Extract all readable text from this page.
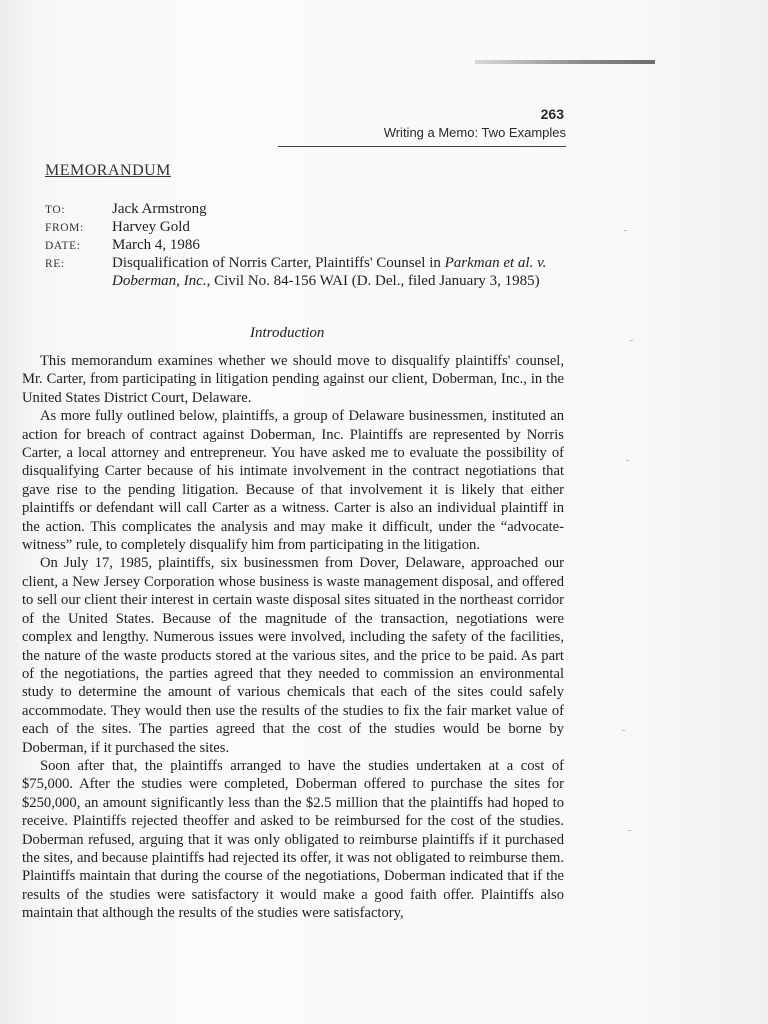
263
Writing a Memo: Two Examples
MEMORANDUM
TO:	Jack Armstrong
FROM:	Harvey Gold
DATE:	March 4, 1986
RE:	Disqualification of Norris Carter, Plaintiffs' Counsel in Parkman et al. v. Doberman, Inc., Civil No. 84-156 WAI (D. Del., filed January 3, 1985)
Introduction

This memorandum examines whether we should move to disqualify plaintiffs' counsel, Mr. Carter, from participating in litigation pending against our client, Doberman, Inc., in the United States District Court, Delaware.

As more fully outlined below, plaintiffs, a group of Delaware businessmen, instituted an action for breach of contract against Doberman, Inc. Plaintiffs are represented by Norris Carter, a local attorney and entrepreneur. You have asked me to evaluate the possibility of disqualifying Carter because of his intimate involvement in the contract negotiations that gave rise to the pending litigation. Because of that involvement it is likely that either plaintiffs or defendant will call Carter as a witness. Carter is also an individual plaintiff in the action. This complicates the analysis and may make it difficult, under the “advocate-witness” rule, to completely disqualify him from participating in the litigation.

On July 17, 1985, plaintiffs, six businessmen from Dover, Delaware, approached our client, a New Jersey Corporation whose business is waste management disposal, and offered to sell our client their interest in certain waste disposal sites situated in the northeast corridor of the United States. Because of the magnitude of the transaction, negotiations were complex and lengthy. Numerous issues were involved, including the safety of the facilities, the nature of the waste products stored at the various sites, and the price to be paid. As part of the negotiations, the parties agreed that they needed to commission an environmental study to determine the amount of various chemicals that each of the sites could safely accommodate. They would then use the results of the studies to fix the fair market value of each of the sites. The parties agreed that the cost of the studies would be borne by Doberman, if it purchased the sites.

Soon after that, the plaintiffs arranged to have the studies undertaken at a cost of $75,000. After the studies were completed, Doberman offered to purchase the sites for $250,000, an amount significantly less than the $2.5 million that the plaintiffs had hoped to receive. Plaintiffs rejected theoffer and asked to be reimbursed for the cost of the studies. Doberman refused, arguing that it was only obligated to reimburse plaintiffs if it purchased the sites, and because plaintiffs had rejected its offer, it was not obligated to reimburse them. Plaintiffs maintain that during the course of the negotiations, Doberman indicated that if the results of the studies were satisfactory it would make a good faith offer. Plaintiffs also maintain that although the results of the studies were satisfactory,
